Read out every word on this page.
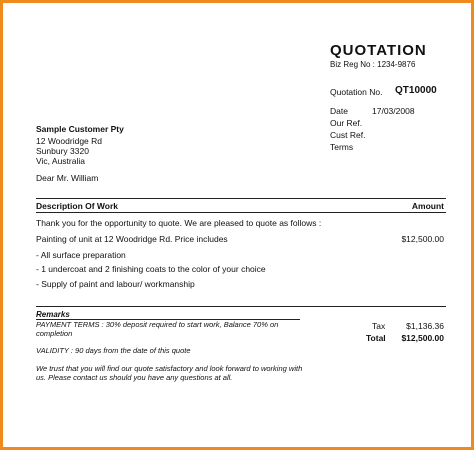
QUOTATION
Biz Reg No : 1234-9876
Quotation No. QT10000
Date	17/03/2008
Our Ref.
Cust Ref.
Terms
Sample Customer Pty
12 Woodridge Rd
Sunbury 3320
Vic, Australia
Dear Mr. William
Description Of Work	Amount
Thank you for the opportunity to quote. We are pleased to quote as follows :
Painting of unit at 12 Woodridge Rd. Price includes	$12,500.00
- All surface preparation
- 1 undercoat and 2 finishing coats to the color of your choice
- Supply of paint and labour/ workmanship
Remarks
PAYMENT TERMS : 30% deposit required to start work, Balance 70% on
completion
VALIDITY : 90 days from the date of this quote
We trust that you will find our quote satisfactory and look forward to working with
us. Please contact us should you have any questions at all.
Tax $1,136.36
Total $12,500.00
